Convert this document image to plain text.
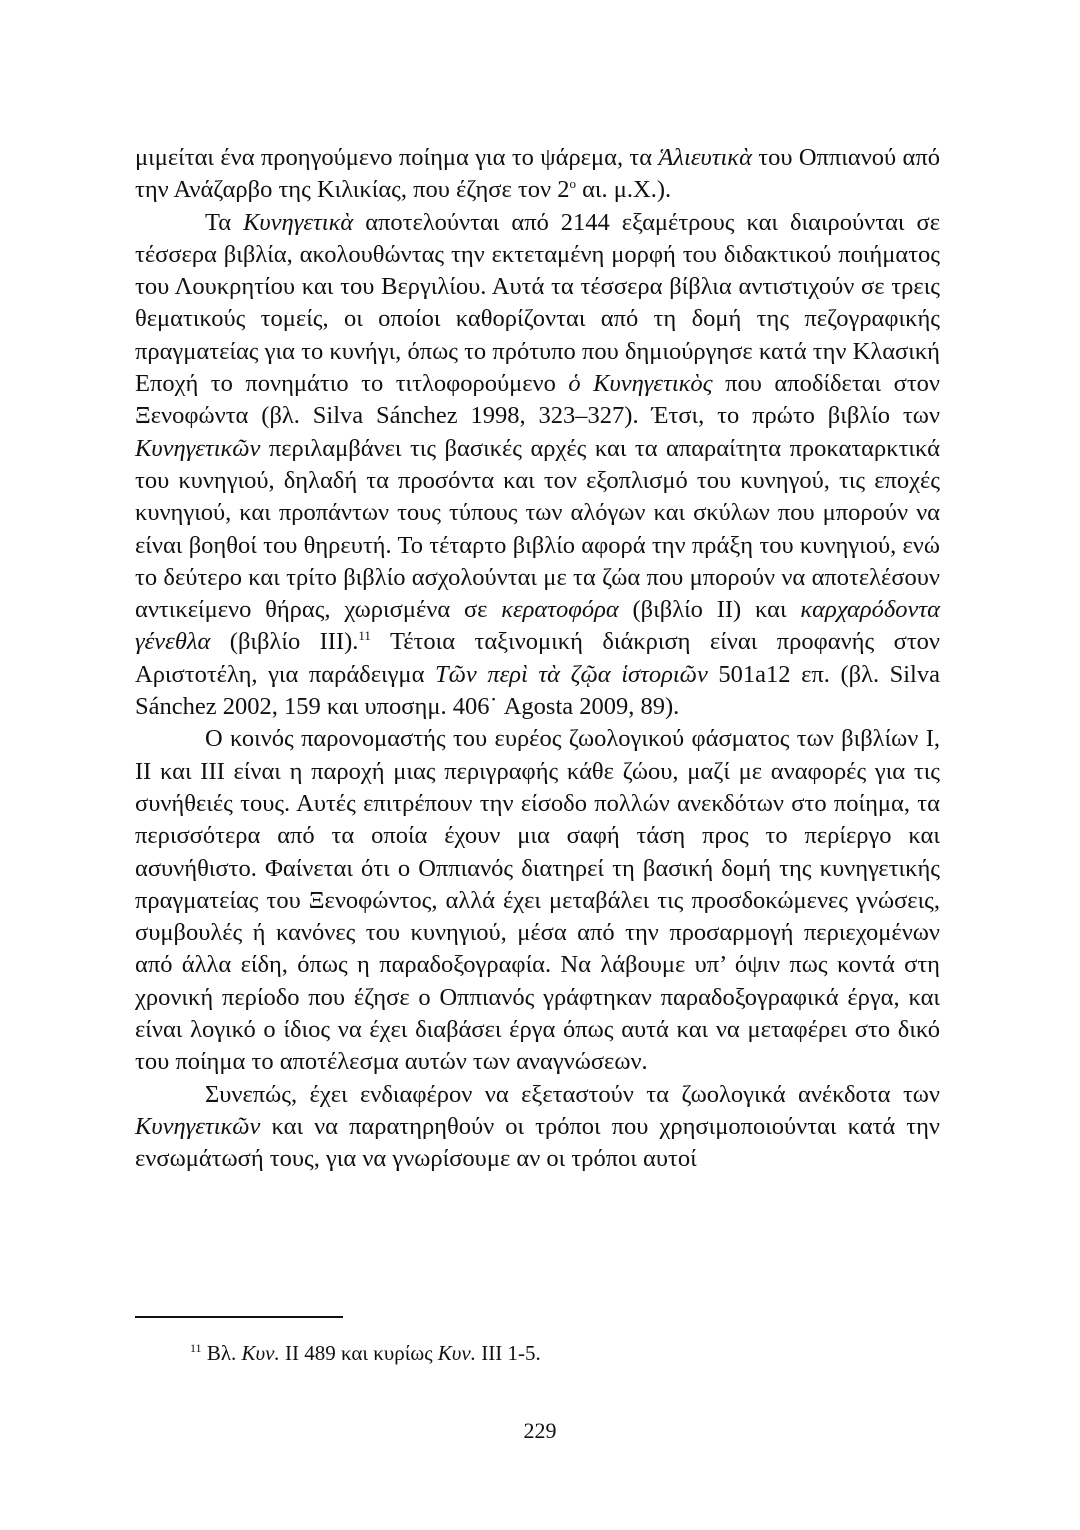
μιμείται ένα προηγούμενο ποίημα για το ψάρεμα, τα Ἁλιευτικὰ του Οππιανού από την Ανάζαρβο της Κιλικίας, που έζησε τον $2^o$ αι. μ.Χ.).

Τα Κυνηγετικὰ αποτελούνται από 2144 εξαμέτρους και διαιρούνται σε τέσσερα βιβλία, ακολουθώντας την εκτεταμένη μορφή του διδακτικού ποιήματος του Λουκρητίου και του Βεργιλίου. Αυτά τα τέσσερα βίβλια αντιστιχούν σε τρεις θεματικούς τομείς, οι οποίοι καθορίζονται από τη δομή της πεζογραφικής πραγματείας για το κυνήγι, όπως το πρότυπο που δημιούργησε κατά την Κλασική Εποχή το πονημάτιο το τιτλοφορούμενο ὁ Κυνηγετικὸς που αποδίδεται στον Ξενοφώντα (βλ. Silva Sánchez 1998, 323–327). Έτσι, το πρώτο βιβλίο των Κυνηγετικῶν περιλαμβάνει τις βασικές αρχές και τα απαραίτητα προκαταρκτικά του κυνηγιού, δηλαδή τα προσόντα και τον εξοπλισμό του κυνηγού, τις εποχές κυνηγιού, και προπάντων τους τύπους των αλόγων και σκύλων που μπορούν να είναι βοηθοί του θηρευτή. Το τέταρτο βιβλίο αφορά την πράξη του κυνηγιού, ενώ το δεύτερο και τρίτο βιβλίο ασχολούνται με τα ζώα που μπορούν να αποτελέσουν αντικείμενο θήρας, χωρισμένα σε κερατοφόρα (βιβλίο ΙΙ) και καρχαρόδοντα γένεθλα (βιβλίο ΙΙΙ).$^{11}$ Τέτοια ταξινομική διάκριση είναι προφανής στον Αριστοτέλη, για παράδειγμα Τῶν περὶ τὰ ζῷα ἱστοριῶν 501a12 επ. (βλ. Silva Sánchez 2002, 159 και υποσημ. 406˙ Agosta 2009, 89).

Ο κοινός παρονομαστής του ευρέος ζωολογικού φάσματος των βιβλίων Ι, ΙΙ και ΙΙΙ είναι η παροχή μιας περιγραφής κάθε ζώου, μαζί με αναφορές για τις συνήθειές τους. Αυτές επιτρέπουν την είσοδο πολλών ανεκδότων στο ποίημα, τα περισσότερα από τα οποία έχουν μια σαφή τάση προς το περίεργο και ασυνήθιστο. Φαίνεται ότι ο Οππιανός διατηρεί τη βασική δομή της κυνηγετικής πραγματείας του Ξενοφώντος, αλλά έχει μεταβάλει τις προσδοκώμενες γνώσεις, συμβουλές ή κανόνες του κυνηγιού, μέσα από την προσαρμογή περιεχομένων από άλλα είδη, όπως η παραδοξογραφία. Να λάβουμε υπ’ όψιν πως κοντά στη χρονική περίοδο που έζησε ο Οππιανός γράφτηκαν παραδοξογραφικά έργα, και είναι λογικό ο ίδιος να έχει διαβάσει έργα όπως αυτά και να μεταφέρει στο δικό του ποίημα το αποτέλεσμα αυτών των αναγνώσεων.

Συνεπώς, έχει ενδιαφέρον να εξεταστούν τα ζωολογικά ανέκδοτα των Κυνηγετικῶν και να παρατηρηθούν οι τρόποι που χρησιμοποιούνται κατά την ενσωμάτωσή τους, για να γνωρίσουμε αν οι τρόποι αυτοί

$^{11}$ Βλ. Κυν. ΙΙ 489 και κυρίως Κυν. ΙΙΙ 1-5.
229
